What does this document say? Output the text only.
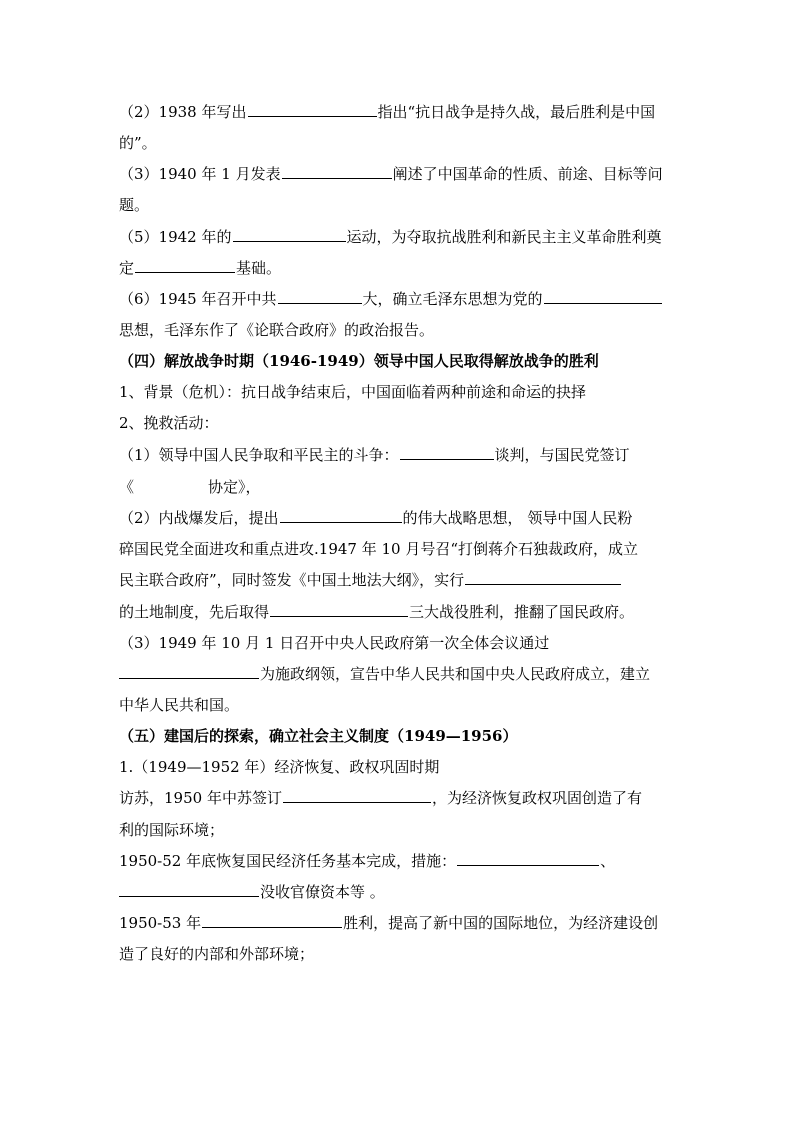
（2）1938 年写出	指出“抗日战争是持久战，最后胜利是中国
的”。
（3）1940 年 1 月发表	阐述了中国革命的性质、前途、目标等问
题。
（5）1942 年的	运动，为夺取抗战胜利和新民主主义革命胜利奠
定	基础。
（6）1945 年召开中共	大，确立毛泽东思想为党的
思想，毛泽东作了《论联合政府》的政治报告。
（四）解放战争时期（1946-1949）领导中国人民取得解放战争的胜利
1、背景（危机）：抗日战争结束后，中国面临着两种前途和命运的抉择
2、挽救活动：
（1）领导中国人民争取和平民主的斗争：	谈判，与国民党签订
《	协定》，
（2）内战爆发后，提出	的伟大战略思想， 领导中国人民粉
碎国民党全面进攻和重点进攻.1947 年 10 月号召“打倒蒋介石独裁政府，成立
民主联合政府”，同时签发《中国土地法大纲》，实行
的土地制度，先后取得	三大战役胜利，推翻了国民政府。
（3）1949 年 10 月 1 日召开中央人民政府第一次全体会议通过
为施政纲领，宣告中华人民共和国中央人民政府成立，建立
中华人民共和国。
（五）建国后的探索，确立社会主义制度（1949—1956）
1.（1949—1952 年）经济恢复、政权巩固时期
访苏，1950 年中苏签订	，为经济恢复政权巩固创造了有
利的国际环境；
1950-52 年底恢复国民经济任务基本完成，措施：	、
没收官僚资本等 。
1950-53 年	胜利，提高了新中国的国际地位，为经济建设创
造了良好的内部和外部环境；
